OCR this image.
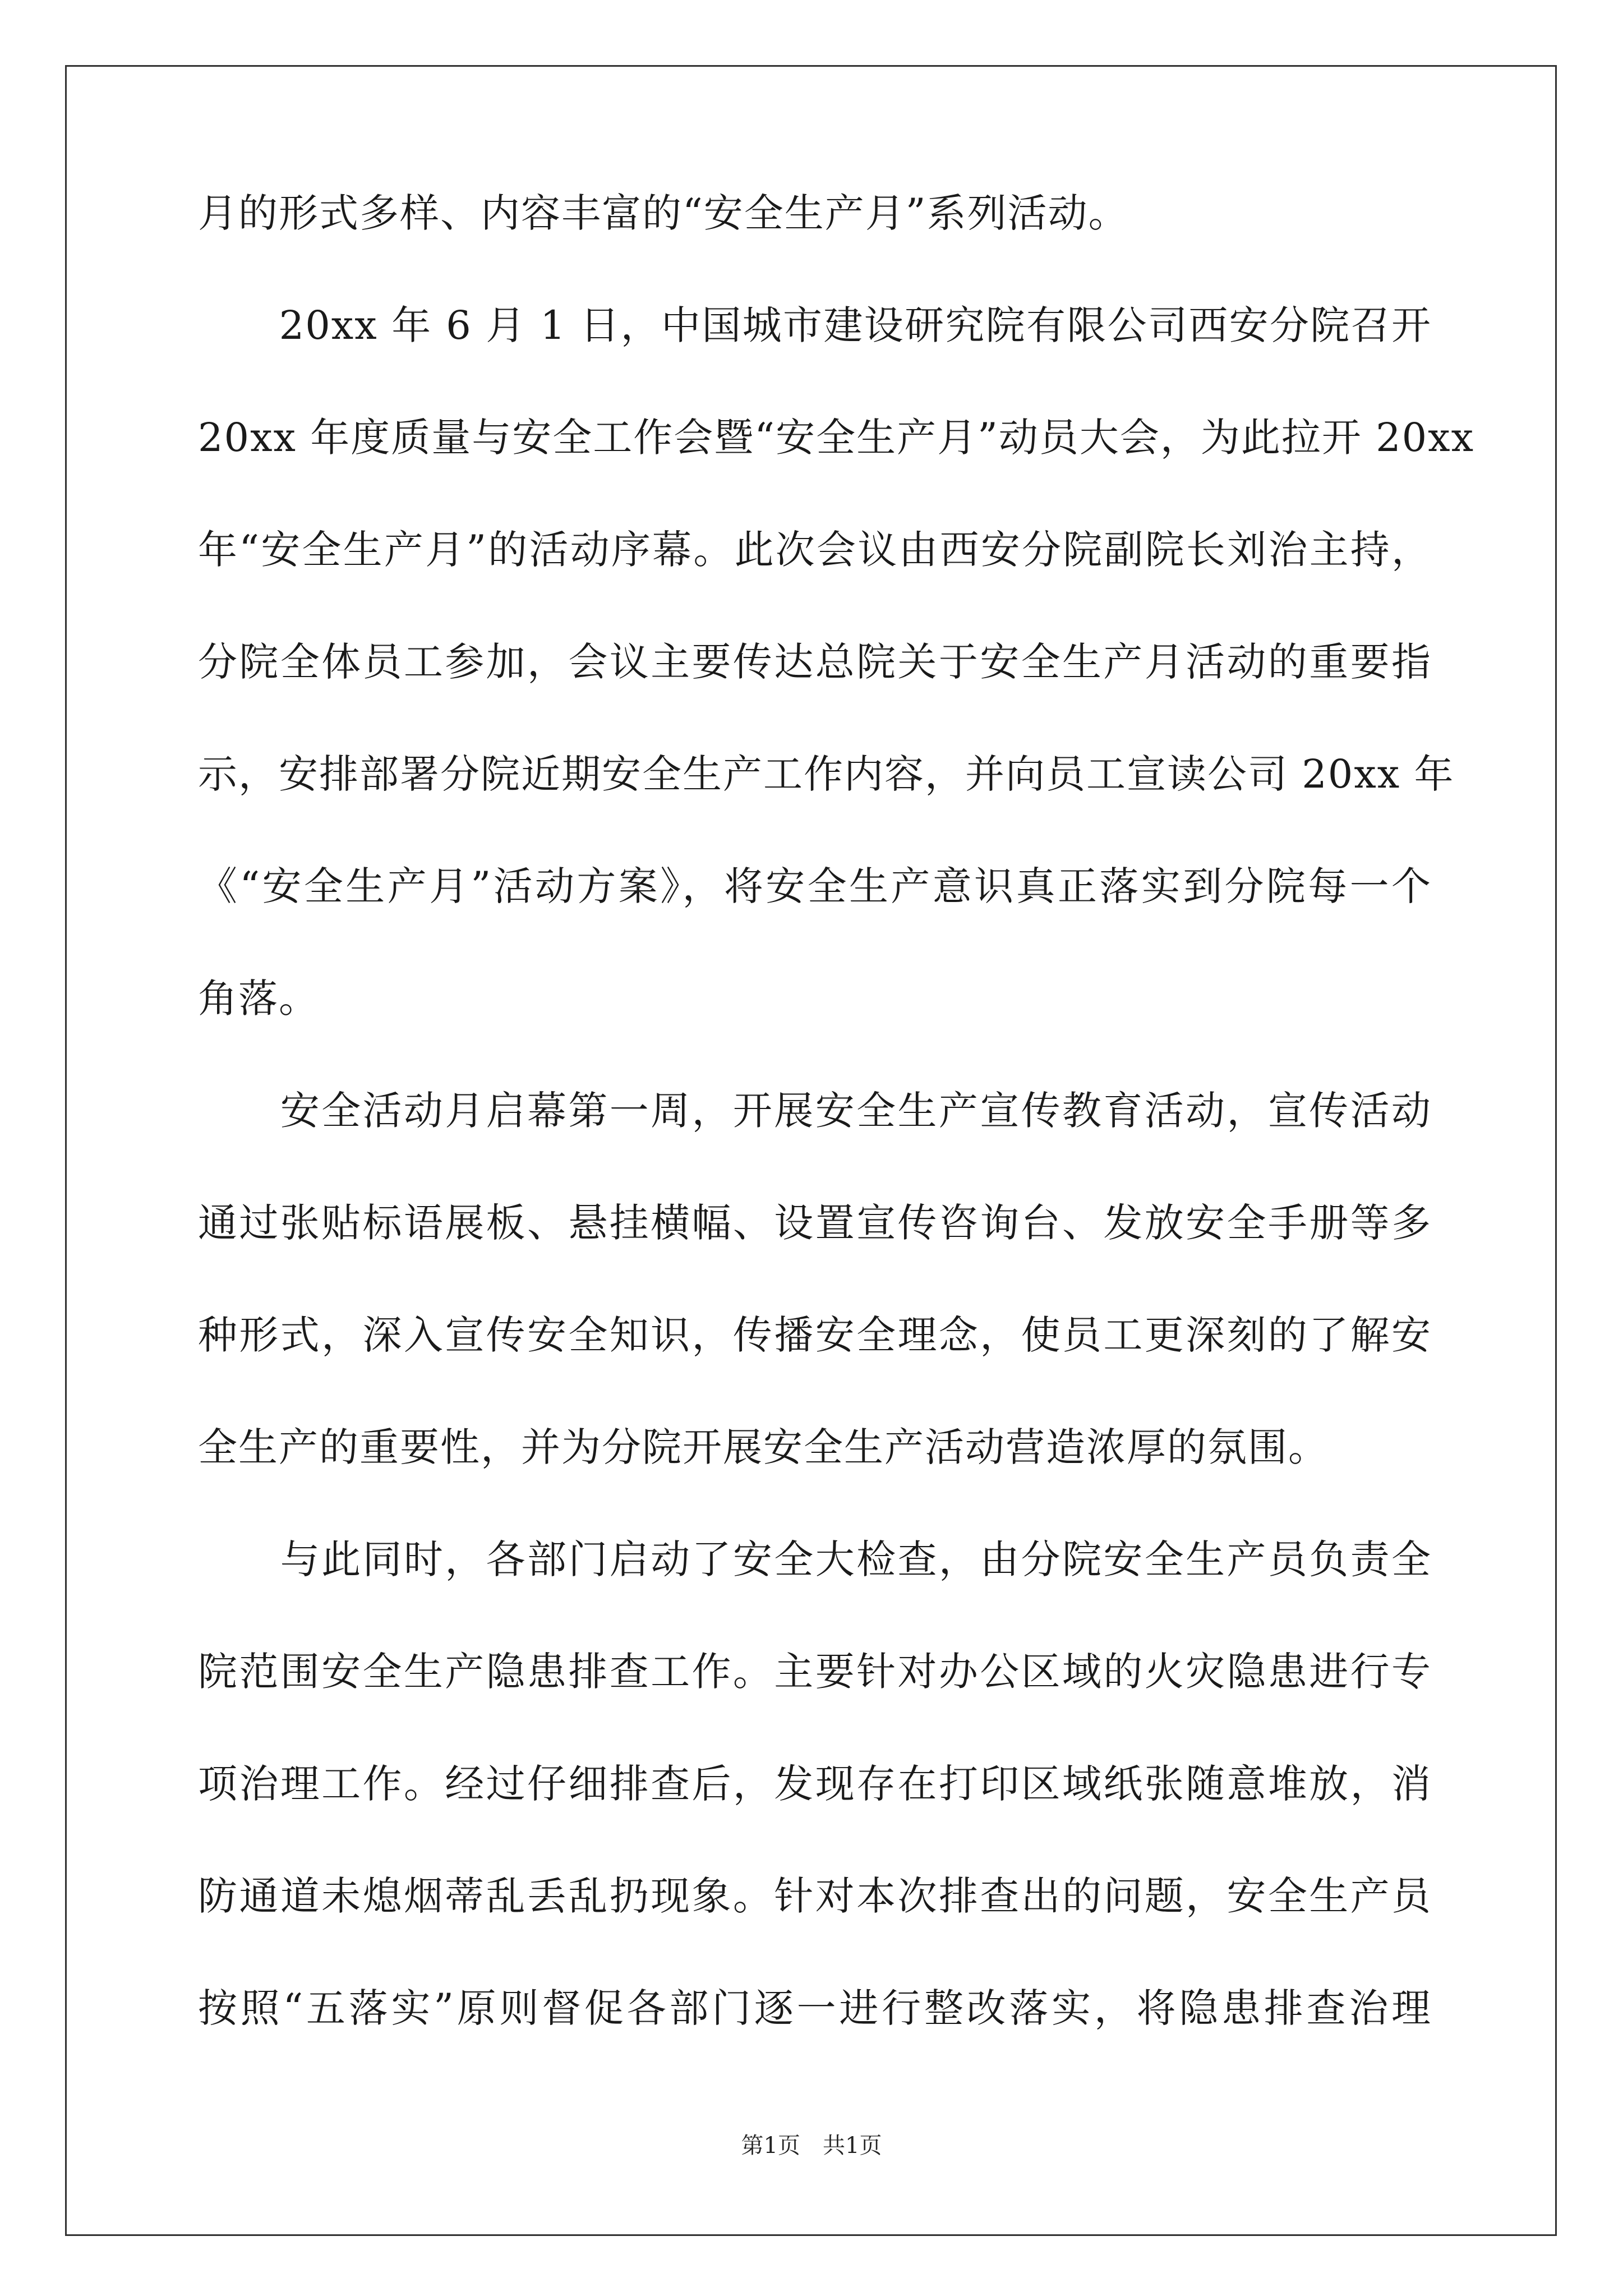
月的形式多样、内容丰富的“安全生产月”系列活动。
　　20xx 年 6 月 1 日，中国城市建设研究院有限公司西安分院召开
20xx 年度质量与安全工作会暨“安全生产月”动员大会，为此拉开 20xx
年“安全生产月”的活动序幕。此次会议由西安分院副院长刘治主持，
分院全体员工参加，会议主要传达总院关于安全生产月活动的重要指
示，安排部署分院近期安全生产工作内容，并向员工宣读公司 20xx 年
《“安全生产月”活动方案》，将安全生产意识真正落实到分院每一个
角落。
　　安全活动月启幕第一周，开展安全生产宣传教育活动，宣传活动
通过张贴标语展板、悬挂横幅、设置宣传咨询台、发放安全手册等多
种形式，深入宣传安全知识，传播安全理念，使员工更深刻的了解安
全生产的重要性，并为分院开展安全生产活动营造浓厚的氛围。
　　与此同时，各部门启动了安全大检查，由分院安全生产员负责全
院范围安全生产隐患排查工作。主要针对办公区域的火灾隐患进行专
项治理工作。经过仔细排查后，发现存在打印区域纸张随意堆放，消
防通道未熄烟蒂乱丢乱扔现象。针对本次排查出的问题，安全生产员
按照“五落实”原则督促各部门逐一进行整改落实，将隐患排查治理
第1页　共1页
